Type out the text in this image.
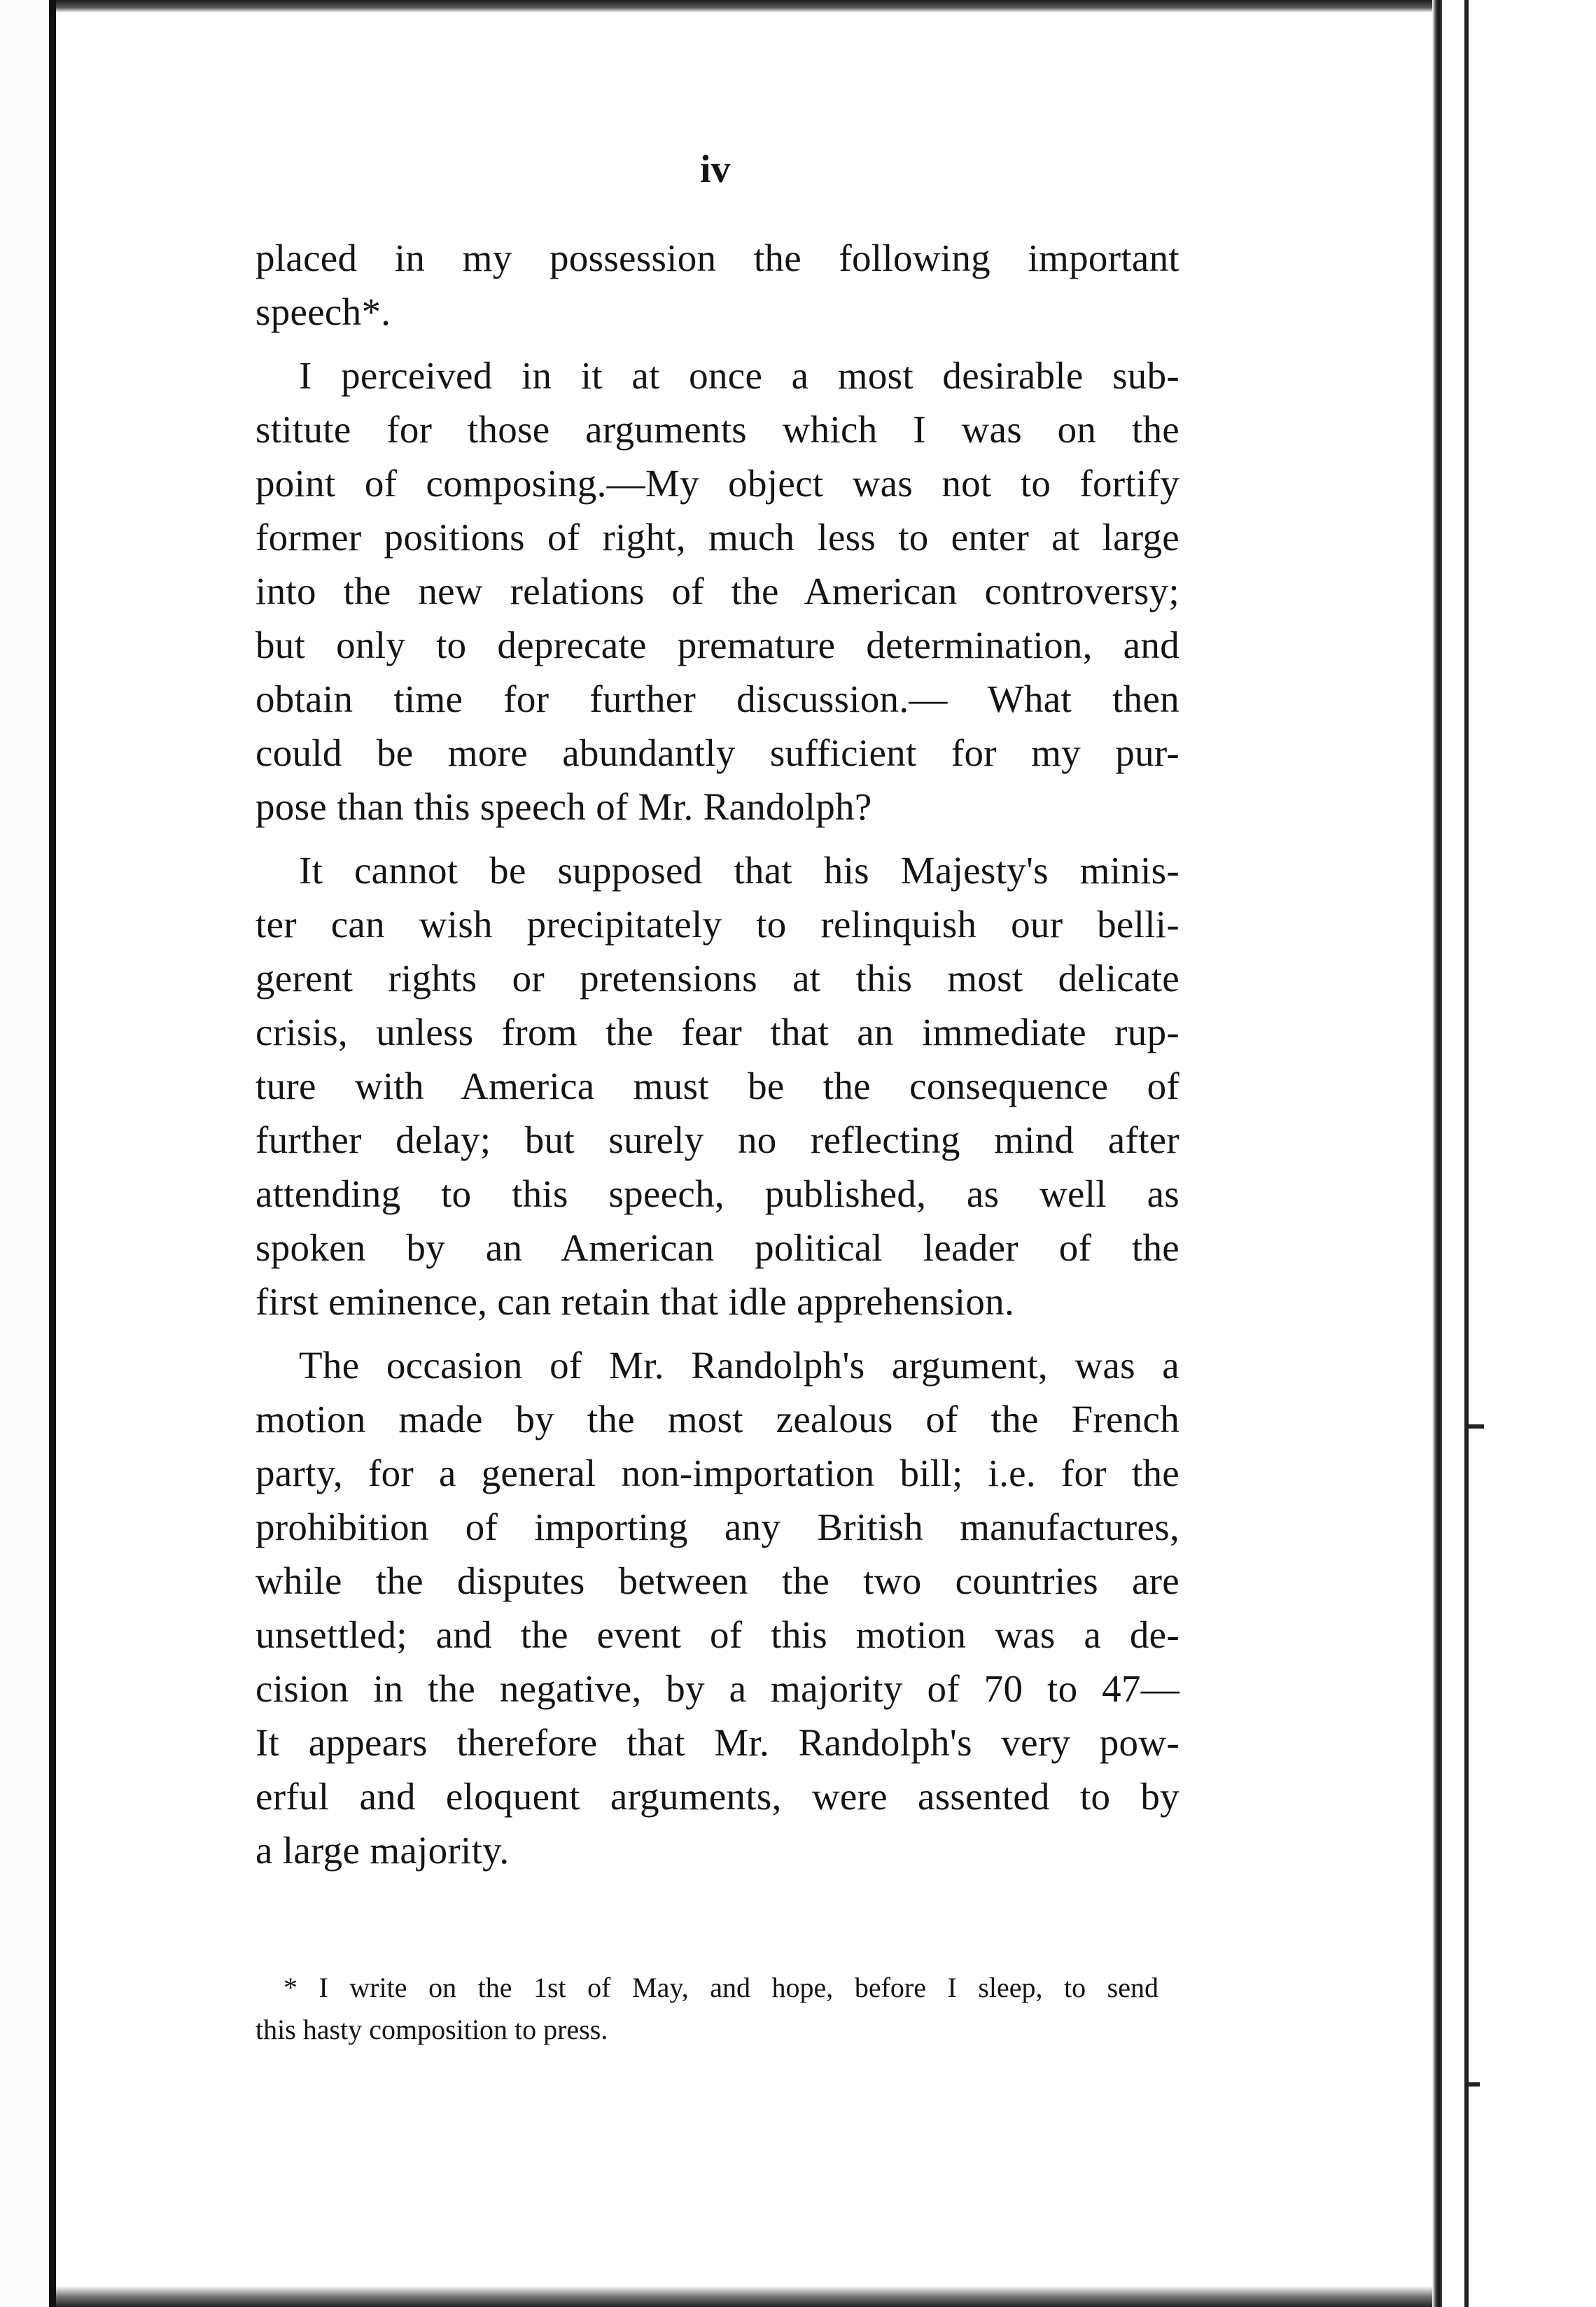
iv

placed in my possession the following important
speech*.

I perceived in it at once a most desirable sub-
stitute for those arguments which I was on the
point of composing.—My object was not to fortify
former positions of right, much less to enter at large
into the new relations of the American controversy;
but only to deprecate premature determination, and
obtain time for further discussion.— What then
could be more abundantly sufficient for my pur-
pose than this speech of Mr. Randolph?

It cannot be supposed that his Majesty's minis-
ter can wish precipitately to relinquish our belli-
gerent rights or pretensions at this most delicate
crisis, unless from the fear that an immediate rup-
ture with America must be the consequence of
further delay; but surely no reflecting mind after
attending to this speech, published, as well as
spoken by an American political leader of the
first eminence, can retain that idle apprehension.

The occasion of Mr. Randolph's argument, was a
motion made by the most zealous of the French
party, for a general non-importation bill; i.e. for the
prohibition of importing any British manufactures,
while the disputes between the two countries are
unsettled; and the event of this motion was a de-
cision in the negative, by a majority of 70 to 47—
It appears therefore that Mr. Randolph's very pow-
erful and eloquent arguments, were assented to by
a large majority.

* I write on the 1st of May, and hope, before I sleep, to send
this hasty composition to press.
